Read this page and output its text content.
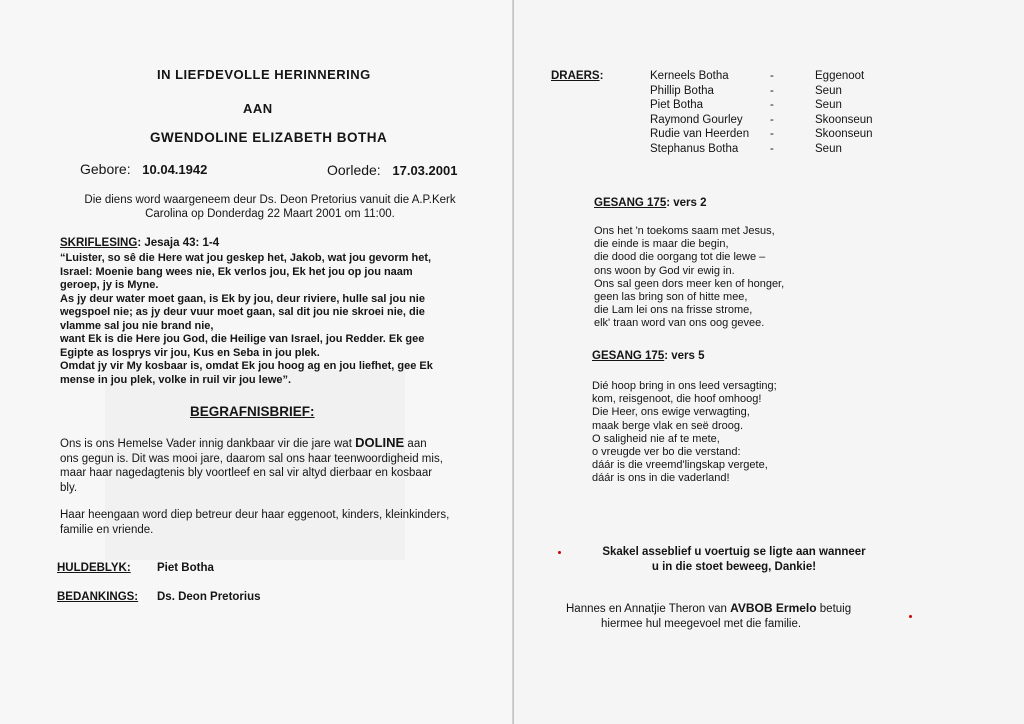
IN LIEFDEVOLLE HERINNERING
AAN
GWENDOLINE ELIZABETH BOTHA
Gebore: 10.04.1942	Oorlede: 17.03.2001
Die diens word waargeneem deur Ds. Deon Pretorius vanuit die A.P.Kerk
Carolina op Donderdag 22 Maart 2001 om 11:00.
SKRIFLESING: Jesaja 43: 1-4
“Luister, so sê die Here wat jou geskep het, Jakob, wat jou gevorm het,
Israel: Moenie bang wees nie, Ek verlos jou, Ek het jou op jou naam
geroep, jy is Myne.
As jy deur water moet gaan, is Ek by jou, deur riviere, hulle sal jou nie
wegspoel nie; as jy deur vuur moet gaan, sal dit jou nie skroei nie, die
vlamme sal jou nie brand nie,
want Ek is die Here jou God, die Heilige van Israel, jou Redder. Ek gee
Egipte as losprys vir jou, Kus en Seba in jou plek.
Omdat jy vir My kosbaar is, omdat Ek jou hoog ag en jou liefhet, gee Ek
mense in jou plek, volke in ruil vir jou lewe”.
BEGRAFNISBRIEF:
Ons is ons Hemelse Vader innig dankbaar vir die jare wat DOLINE aan
ons gegun is. Dit was mooi jare, daarom sal ons haar teenwoordigheid mis,
maar haar nagedagtenis bly voortleef en sal vir altyd dierbaar en kosbaar
bly.
Haar heengaan word diep betreur deur haar eggenoot, kinders, kleinkinders,
familie en vriende.
HULDEBLYK: Piet Botha
BEDANKINGS: Ds. Deon Pretorius
DRAERS:	Kerneels Botha	-	Eggenoot
Phillip Botha	-	Seun
Piet Botha	-	Seun
Raymond Gourley	-	Skoonseun
Rudie van Heerden	-	Skoonseun
Stephanus Botha	-	Seun
GESANG 175: vers 2
Ons het 'n toekoms saam met Jesus,
die einde is maar die begin,
die dood die oorgang tot die lewe –
ons woon by God vir ewig in.
Ons sal geen dors meer ken of honger,
geen las bring son of hitte mee,
die Lam lei ons na frisse strome,
elk' traan word van ons oog gevee.
GESANG 175: vers 5
Dié hoop bring in ons leed versagting;
kom, reisgenoot, die hoof omhoog!
Die Heer, ons ewige verwagting,
maak berge vlak en seë droog.
O saligheid nie af te mete,
o vreugde ver bo die verstand:
dáár is die vreemd'lingskap vergete,
dáár is ons in die vaderland!
Skakel asseblief u voertuig se ligte aan wanneer
u in die stoet beweeg, Dankie!
Hannes en Annatjie Theron van AVBOB Ermelo betuig
hiermee hul meegevoel met die familie.
